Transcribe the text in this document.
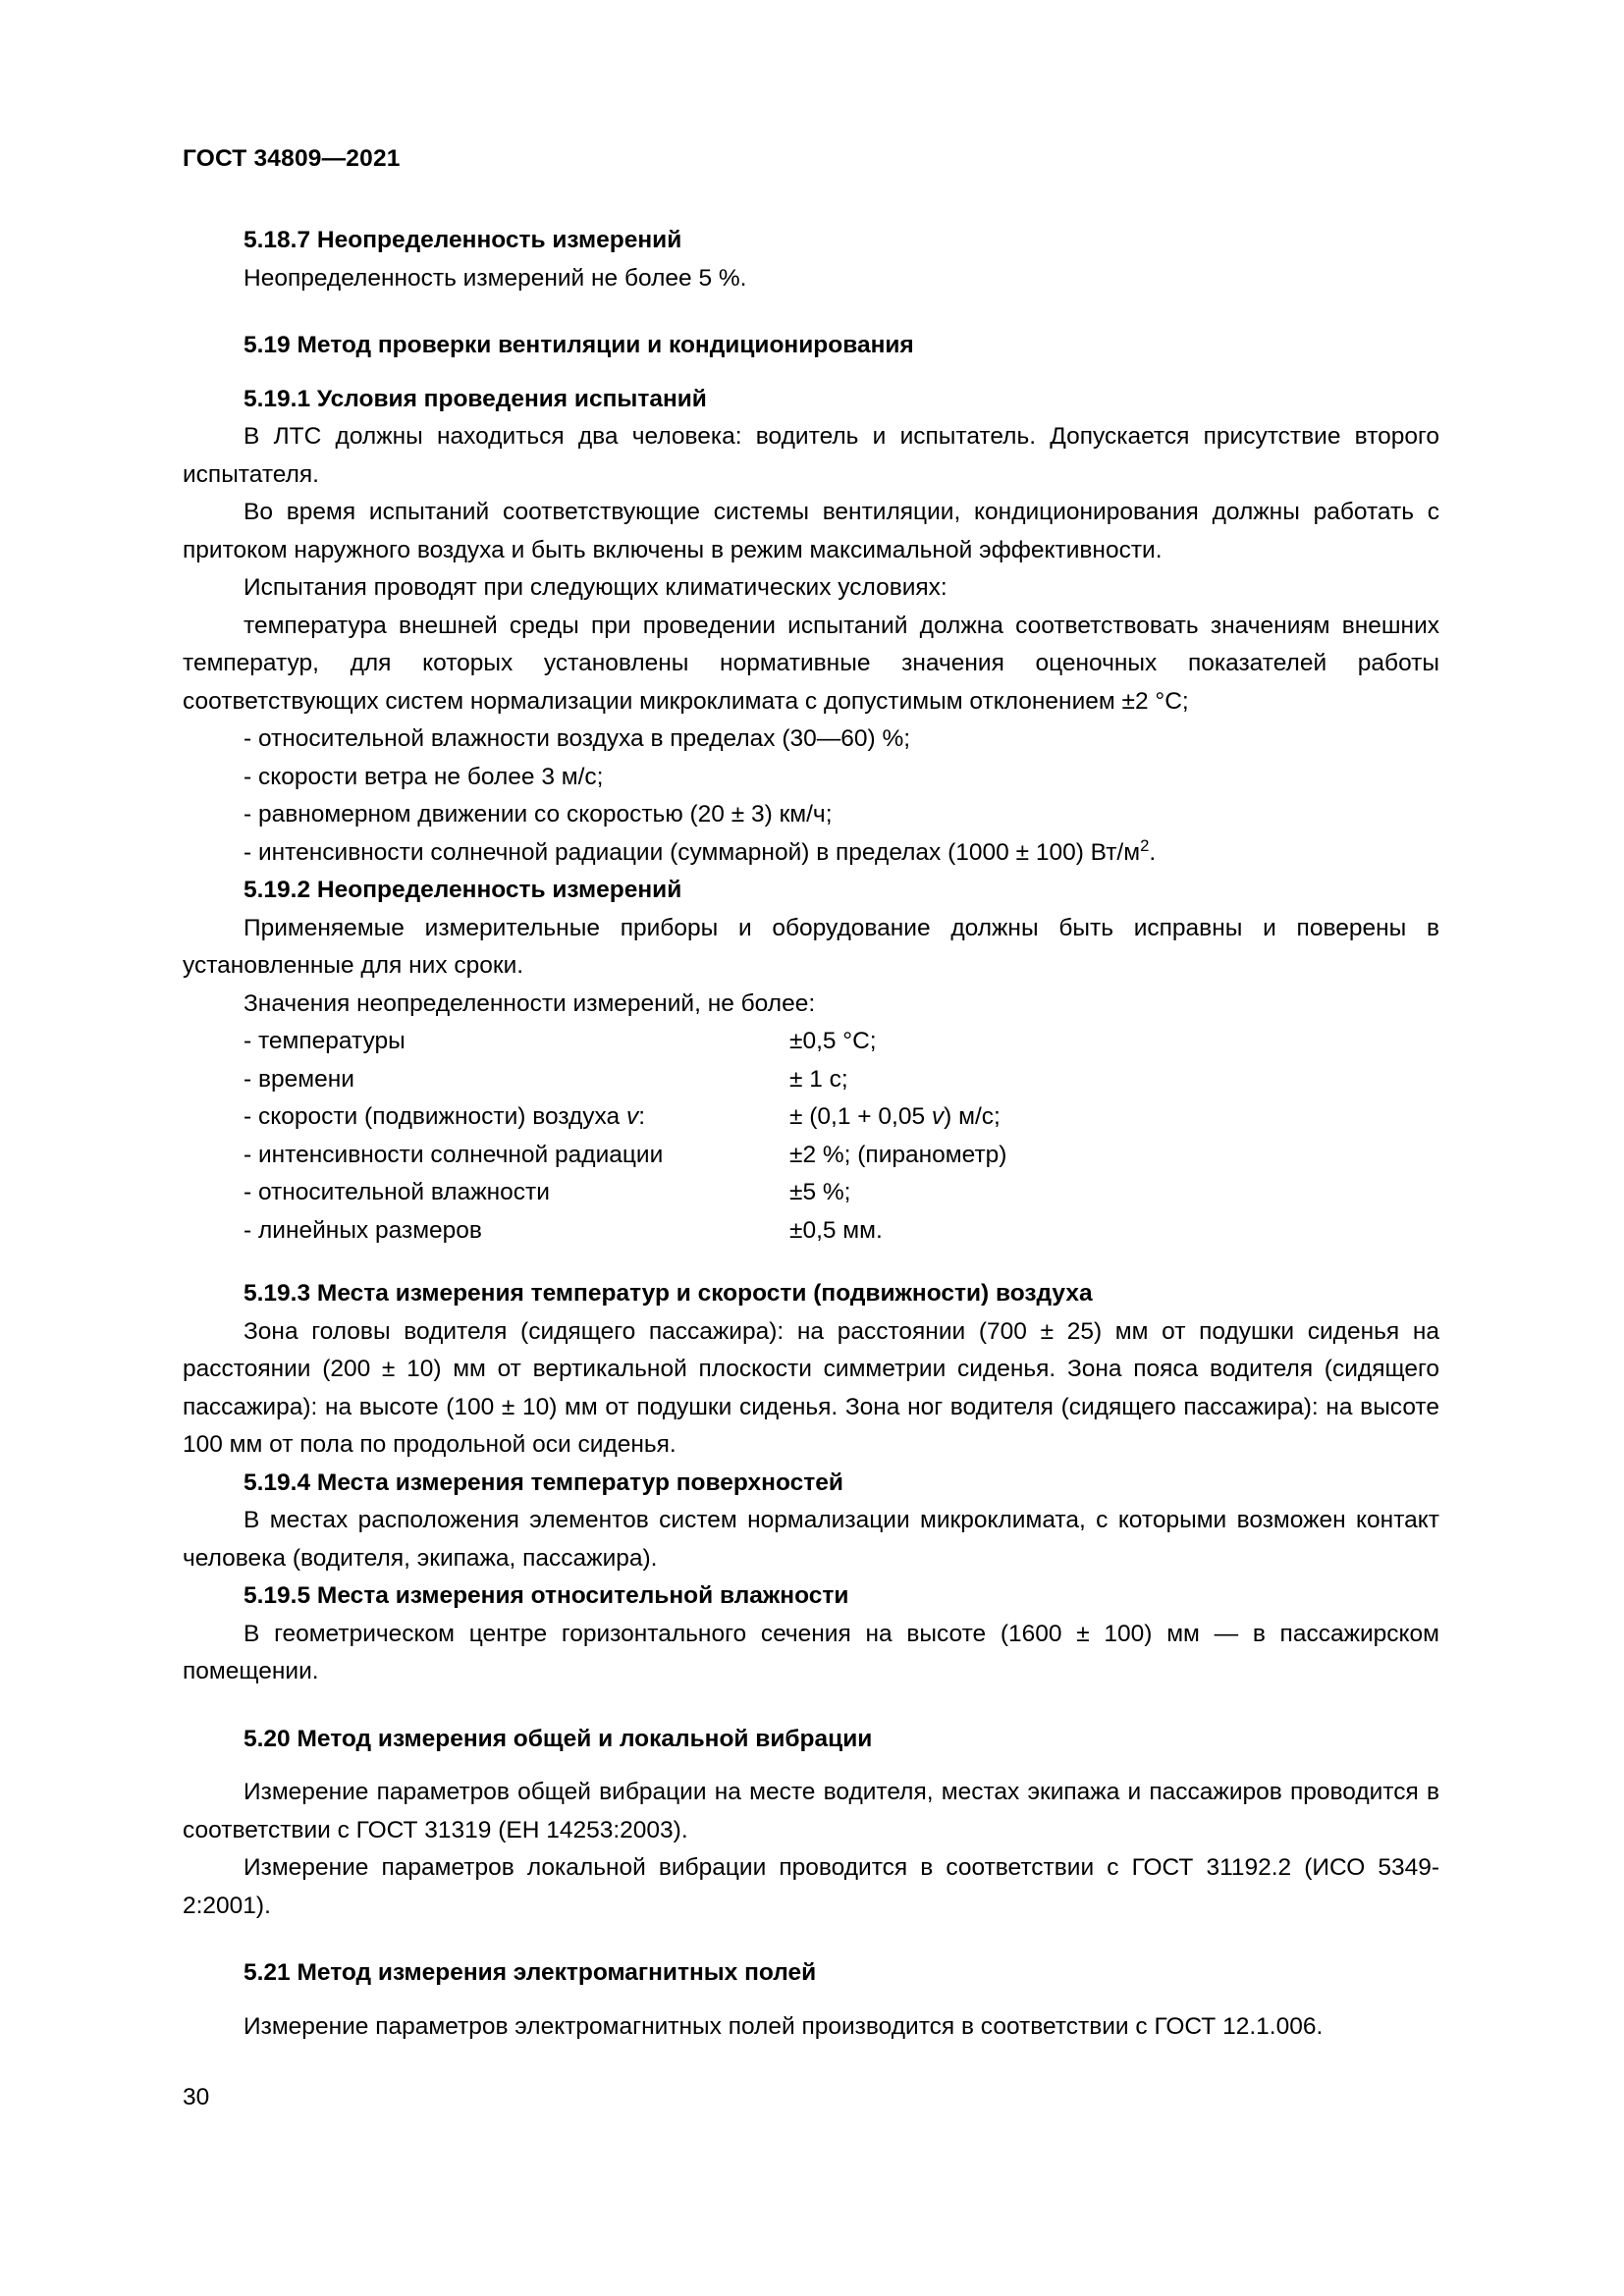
ГОСТ 34809—2021

5.18.7 Неопределенность измерений

Неопределенность измерений не более 5 %.

5.19 Метод проверки вентиляции и кондиционирования

5.19.1 Условия проведения испытаний

В ЛТС должны находиться два человека: водитель и испытатель. Допускается присутствие второго испытателя.

Во время испытаний соответствующие системы вентиляции, кондиционирования должны работать с притоком наружного воздуха и быть включены в режим максимальной эффективности.

Испытания проводят при следующих климатических условиях:

температура внешней среды при проведении испытаний должна соответствовать значениям внешних температур, для которых установлены нормативные значения оценочных показателей работы соответствующих систем нормализации микроклимата с допустимым отклонением ±2 °C;

- относительной влажности воздуха в пределах (30—60) %;

- скорости ветра не более 3 м/с;

- равномерном движении со скоростью (20 ± 3) км/ч;

- интенсивности солнечной радиации (суммарной) в пределах (1000 ± 100) $Вт/м^2$.

5.19.2 Неопределенность измерений

Применяемые измерительные приборы и оборудование должны быть исправны и поверены в установленные для них сроки.

Значения неопределенности измерений, не более:

- температуры	±0,5 °C;
- времени	± 1 с;
- скорости (подвижности) воздуха v:	± (0,1 + 0,05 v) м/с;
- интенсивности солнечной радиации	±2 %; (пиранометр)
- относительной влажности	±5 %;
- линейных размеров	±0,5 мм.

5.19.3 Места измерения температур и скорости (подвижности) воздуха

Зона головы водителя (сидящего пассажира): на расстоянии (700 ± 25) мм от подушки сиденья на расстоянии (200 ± 10) мм от вертикальной плоскости симметрии сиденья. Зона пояса водителя (сидящего пассажира): на высоте (100 ± 10) мм от подушки сиденья. Зона ног водителя (сидящего пассажира): на высоте 100 мм от пола по продольной оси сиденья.

5.19.4 Места измерения температур поверхностей

В местах расположения элементов систем нормализации микроклимата, с которыми возможен контакт человека (водителя, экипажа, пассажира).

5.19.5 Места измерения относительной влажности

В геометрическом центре горизонтального сечения на высоте (1600 ± 100) мм — в пассажирском помещении.

5.20 Метод измерения общей и локальной вибрации

Измерение параметров общей вибрации на месте водителя, местах экипажа и пассажиров проводится в соответствии с ГОСТ 31319 (ЕН 14253:2003).

Измерение параметров локальной вибрации проводится в соответствии с ГОСТ 31192.2 (ИСО 5349-2:2001).

5.21 Метод измерения электромагнитных полей

Измерение параметров электромагнитных полей производится в соответствии с ГОСТ 12.1.006.

30
